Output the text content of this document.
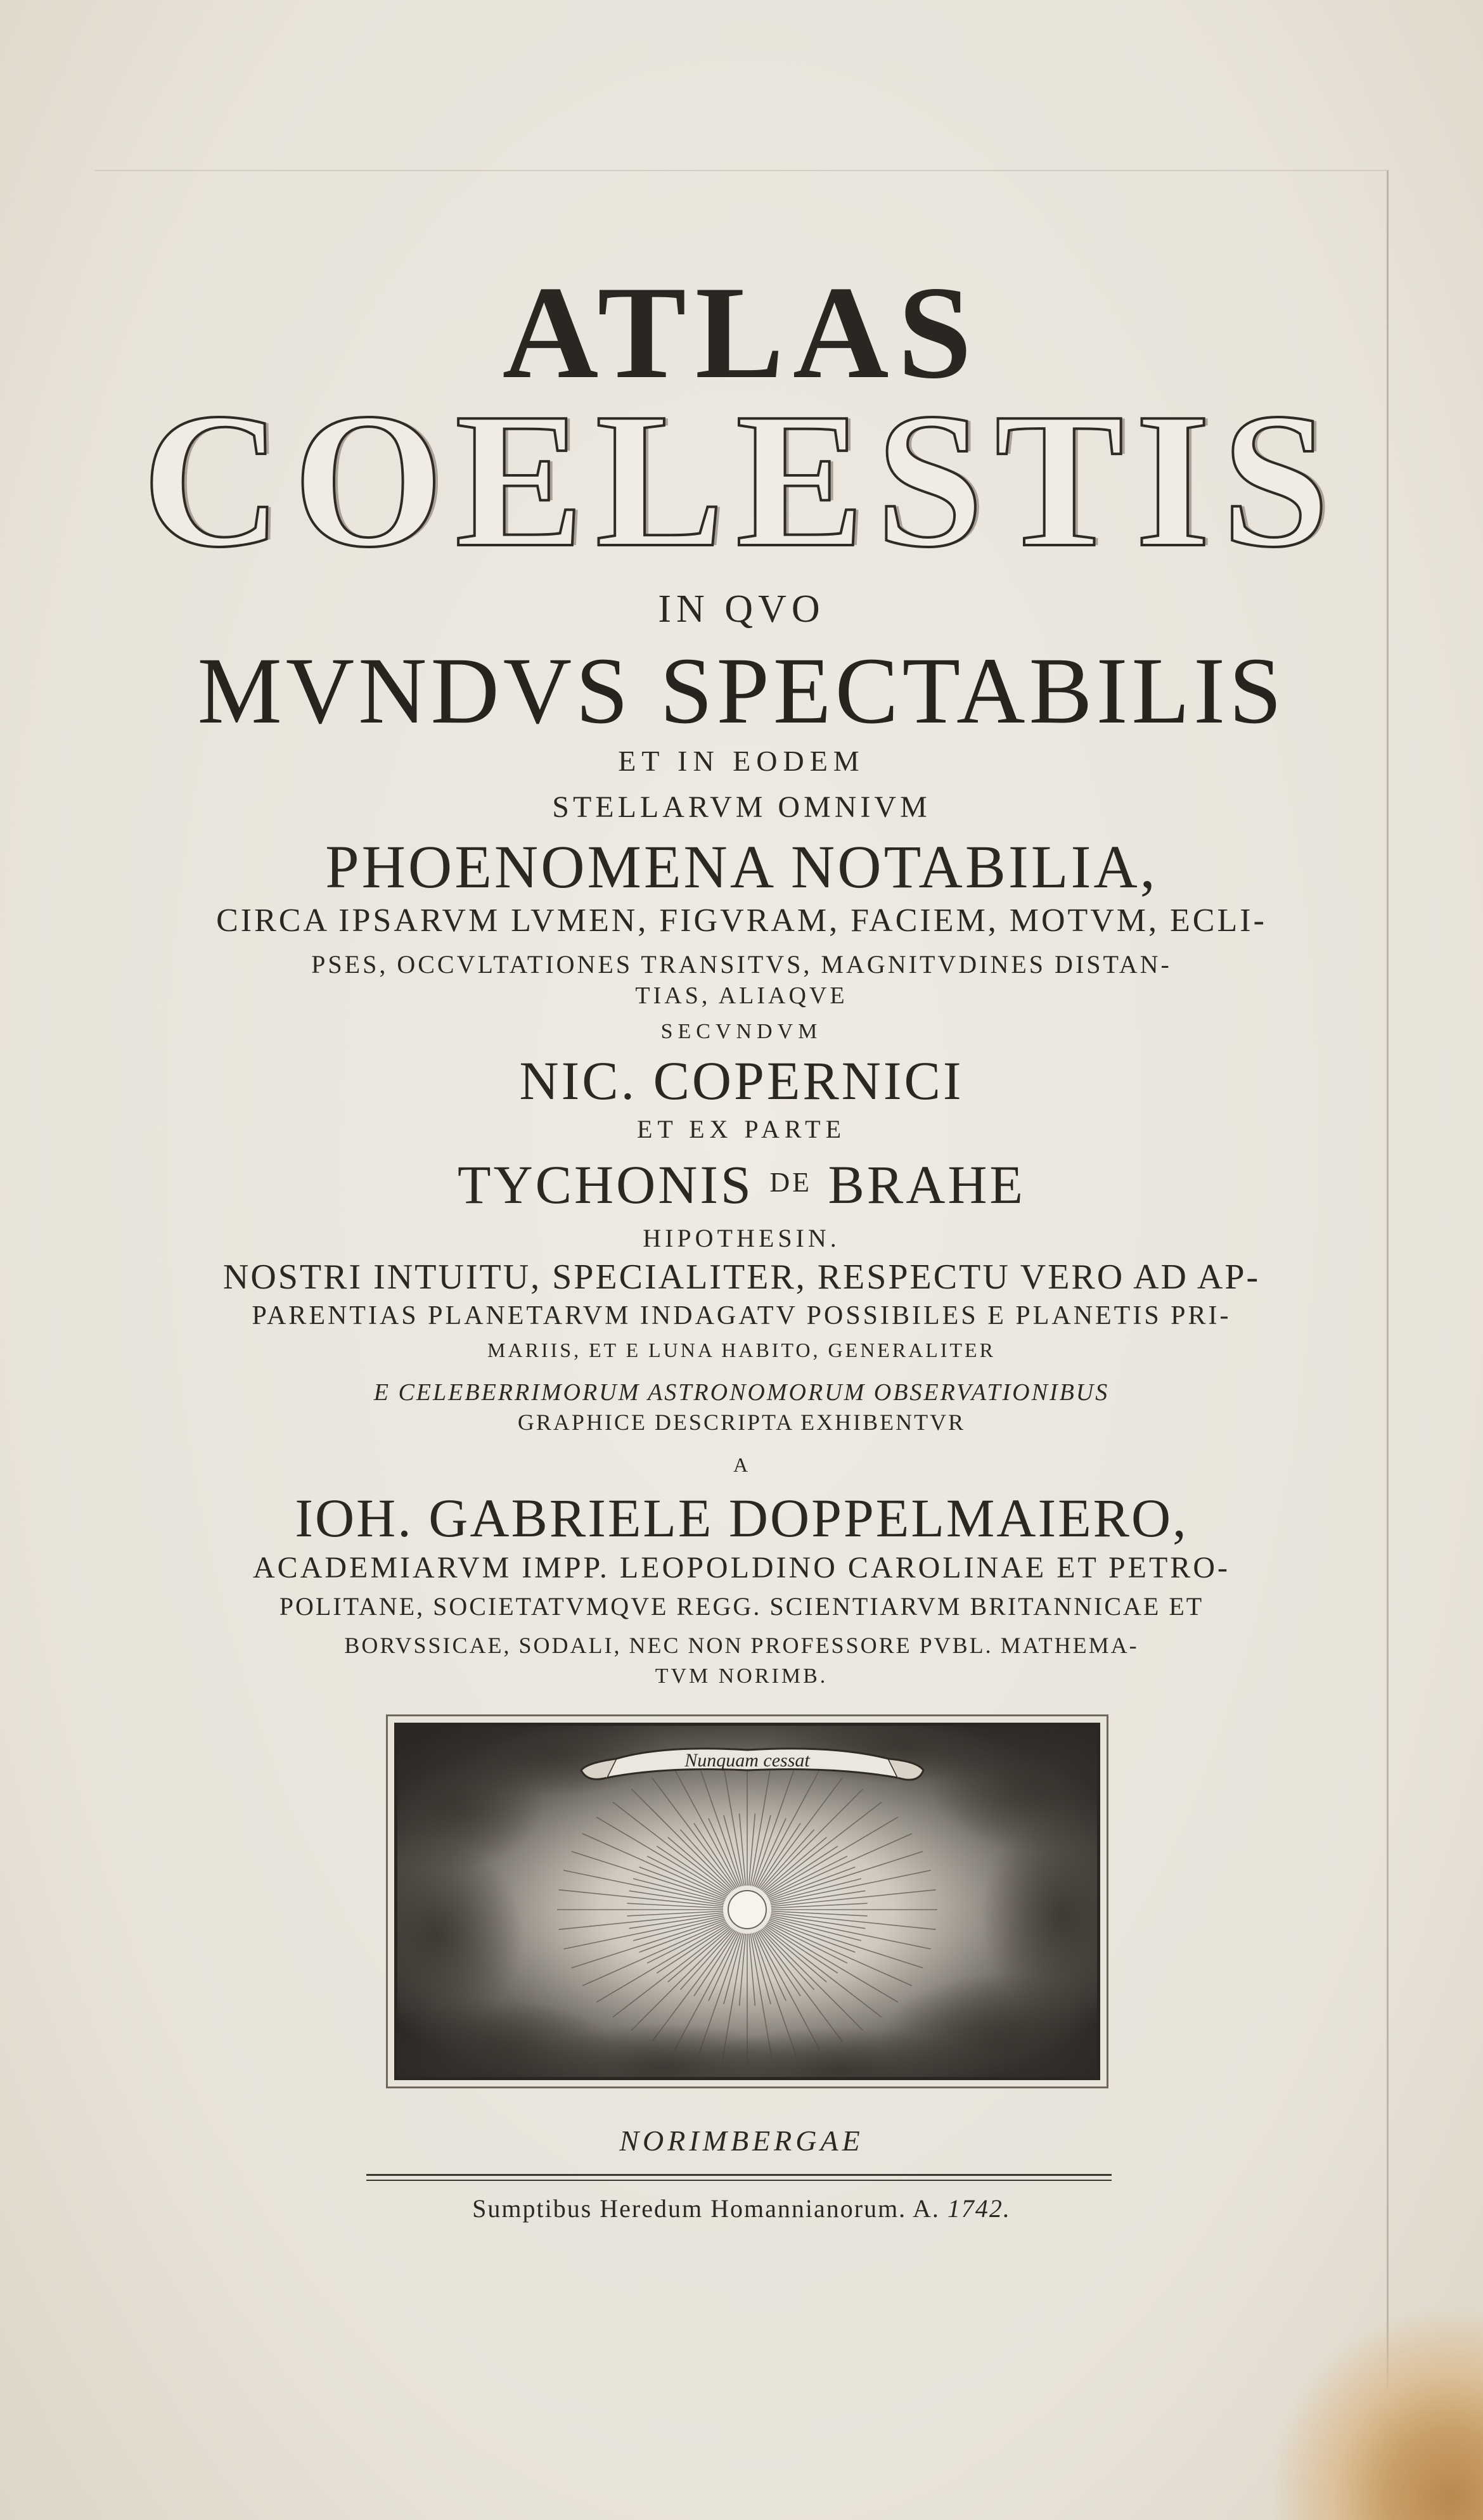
ATLAS
COELESTIS

IN QVO

MVNDVS SPECTABILIS

ET IN EODEM

STELLARVM OMNIVM

PHOENOMENA NOTABILIA,

CIRCA IPSARVM LVMEN, FIGVRAM, FACIEM, MOTVM, ECLI-

PSES, OCCVLTATIONES TRANSITVS, MAGNITVDINES DISTAN-

TIAS, ALIAQVE

SECVNDVM

NIC. COPERNICI

ET EX PARTE

TYCHONIS $^{DE}$ BRAHE

HIPOTHESIN.

NOSTRI INTUITU, SPECIALITER, RESPECTU VERO AD AP-

PARENTIAS PLANETARVM INDAGATV POSSIBILES E PLANETIS PRI-

MARIIS, ET E LUNA HABITO, GENERALITER

E CELEBERRIMORUM ASTRONOMORUM OBSERVATIONIBUS

GRAPHICE DESCRIPTA EXHIBENTVR

A

IOH. GABRIELE DOPPELMAIERO,

ACADEMIARVM IMPP. LEOPOLDINO CAROLINAE ET PETRO-

POLITANE, SOCIETATVMQVE REGG. SCIENTIARVM BRITANNICAE ET

BORVSSICAE, SODALI, NEC NON PROFESSORE PVBL. MATHEMA-

TVM NORIMB.

Nunquam cessat

NORIMBERGAE

Sumptibus Heredum Homannianorum. A. 1742.
